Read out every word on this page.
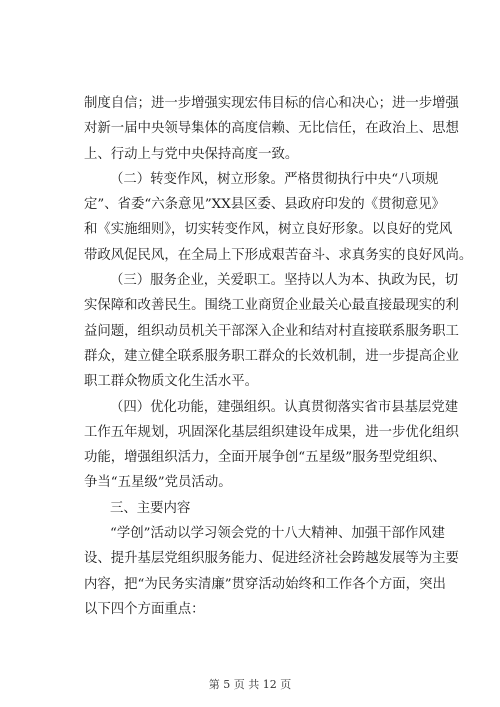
制度自信；进一步增强实现宏伟目标的信心和决心；进一步增强
对新一届中央领导集体的高度信赖、无比信任，在政治上、思想
上、行动上与党中央保持高度一致。
（二）转变作风，树立形象。严格贯彻执行中央“八项规
定”、省委“六条意见”XX县区委、县政府印发的《贯彻意见》
和《实施细则》，切实转变作风，树立良好形象。以良好的党风
带政风促民风，在全局上下形成艰苦奋斗、求真务实的良好风尚。
（三）服务企业，关爱职工。坚持以人为本、执政为民，切
实保障和改善民生。围绕工业商贸企业最关心最直接最现实的利
益问题，组织动员机关干部深入企业和结对村直接联系服务职工
群众，建立健全联系服务职工群众的长效机制，进一步提高企业
职工群众物质文化生活水平。
（四）优化功能，建强组织。认真贯彻落实省市县基层党建
工作五年规划，巩固深化基层组织建设年成果，进一步优化组织
功能，增强组织活力，全面开展争创“五星级”服务型党组织、
争当“五星级”党员活动。
三、主要内容
“学创”活动以学习领会党的十八大精神、加强干部作风建
设、提升基层党组织服务能力、促进经济社会跨越发展等为主要
内容，把“为民务实清廉”贯穿活动始终和工作各个方面，突出
以下四个方面重点：
第 5 页 共 12 页
